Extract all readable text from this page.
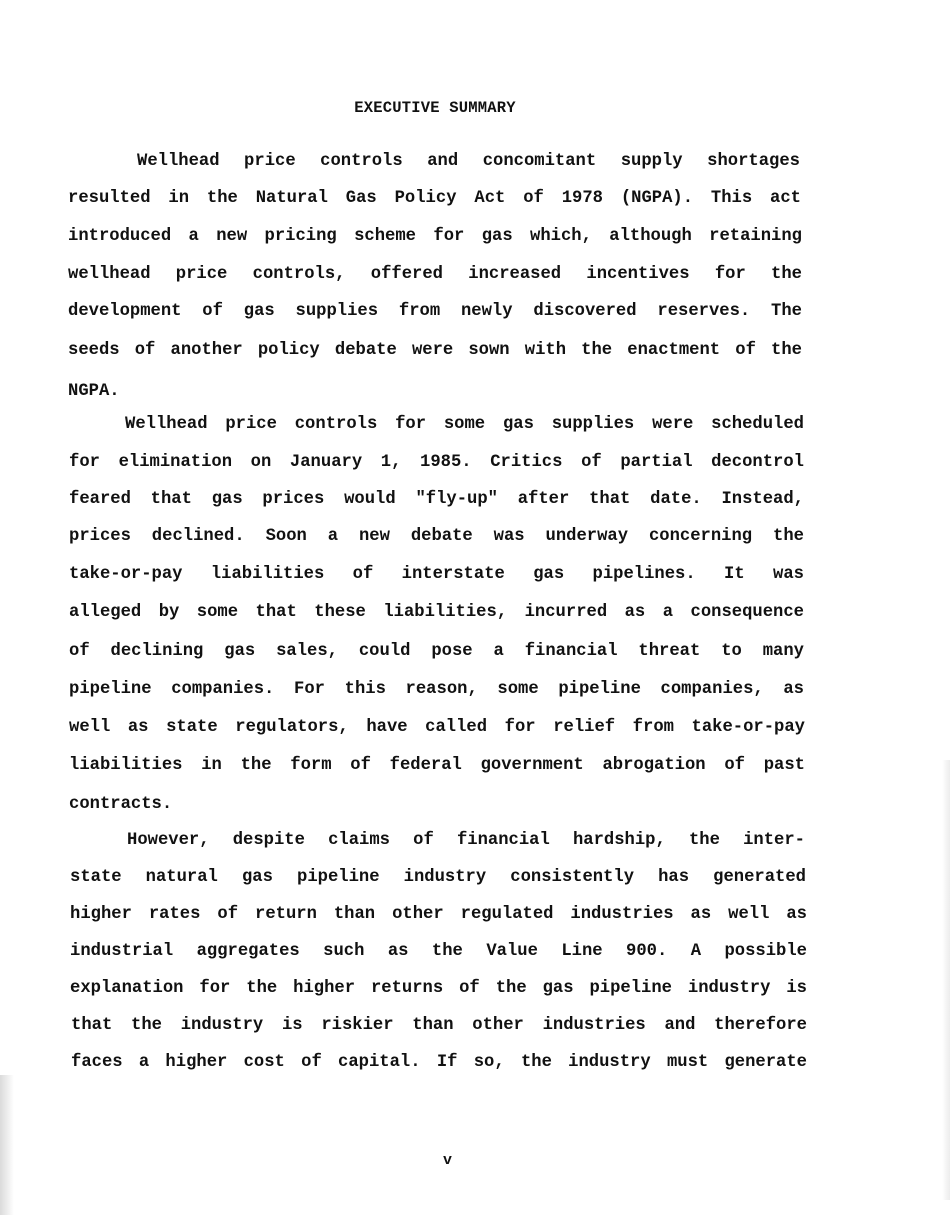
EXECUTIVE SUMMARY
Wellhead price controls and concomitant supply shortages
resulted in the Natural Gas Policy Act of 1978 (NGPA). This act
introduced a new pricing scheme for gas which, although retaining
wellhead price controls, offered increased incentives for the
development of gas supplies from newly discovered reserves. The
seeds of another policy debate were sown with the enactment of the
NGPA.
Wellhead price controls for some gas supplies were scheduled
for elimination on January 1, 1985. Critics of partial decontrol
feared that gas prices would "fly-up" after that date. Instead,
prices declined. Soon a new debate was underway concerning the
take-or-pay liabilities of interstate gas pipelines. It was
alleged by some that these liabilities, incurred as a consequence
of declining gas sales, could pose a financial threat to many
pipeline companies. For this reason, some pipeline companies, as
well as state regulators, have called for relief from take-or-pay
liabilities in the form of federal government abrogation of past
contracts.
However, despite claims of financial hardship, the inter-
state natural gas pipeline industry consistently has generated
higher rates of return than other regulated industries as well as
industrial aggregates such as the Value Line 900. A possible
explanation for the higher returns of the gas pipeline industry is
that the industry is riskier than other industries and therefore
faces a higher cost of capital. If so, the industry must generate
v
